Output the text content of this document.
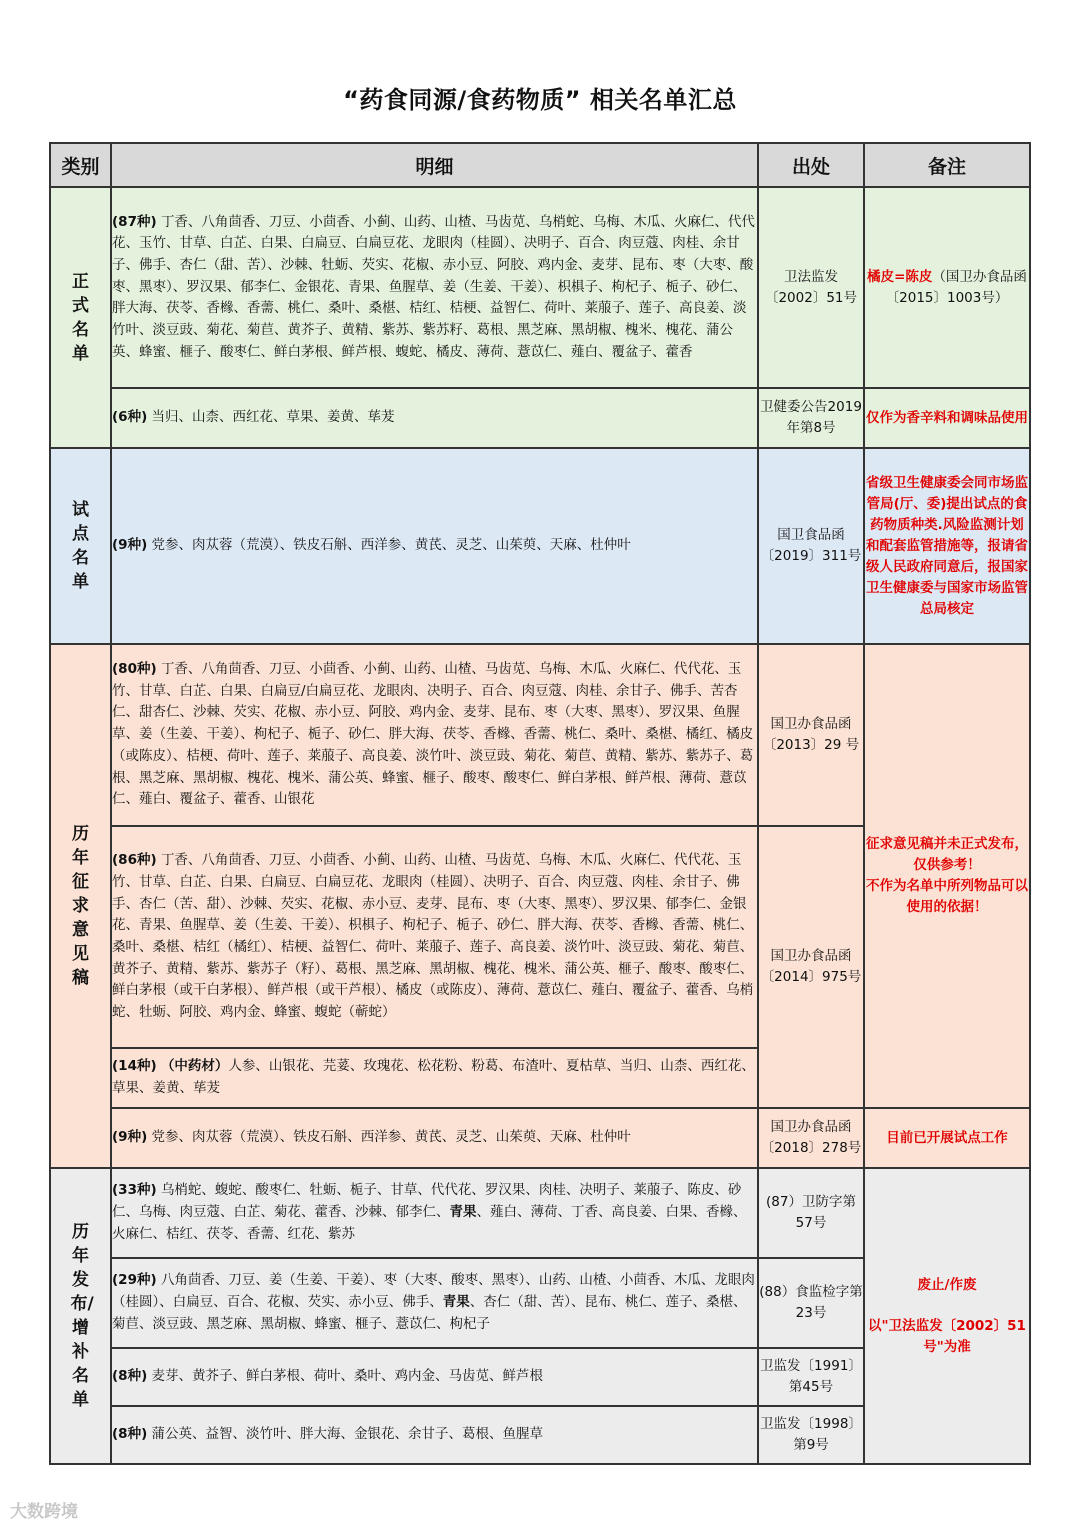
“药食同源/食药物质” 相关名单汇总
类别	明细	出处	备注

正式名单	(87种) 丁香、八角茴香、刀豆、小茴香、小蓟、山药、山楂、马齿苋、乌梢蛇、乌梅、木瓜、火麻仁、代代花、玉竹、甘草、白芷、白果、白扁豆、白扁豆花、龙眼肉（桂圆）、决明子、百合、肉豆蔻、肉桂、余甘子、佛手、杏仁（甜、苦）、沙棘、牡蛎、芡实、花椒、赤小豆、阿胶、鸡内金、麦芽、昆布、枣（大枣、酸枣、黑枣）、罗汉果、郁李仁、金银花、青果、鱼腥草、姜（生姜、干姜）、枳椇子、枸杞子、栀子、砂仁、胖大海、茯苓、香橼、香薷、桃仁、桑叶、桑椹、桔红、桔梗、益智仁、荷叶、莱菔子、莲子、高良姜、淡竹叶、淡豆豉、菊花、菊苣、黄芥子、黄精、紫苏、紫苏籽、葛根、黑芝麻、黑胡椒、槐米、槐花、蒲公英、蜂蜜、榧子、酸枣仁、鲜白茅根、鲜芦根、蝮蛇、橘皮、薄荷、薏苡仁、薤白、覆盆子、藿香	卫法监发〔2002〕51号	橘皮=陈皮（国卫办食品函〔2015〕1003号）
	(6种) 当归、山柰、西红花、草果、姜黄、荜茇	卫健委公告2019年第8号	仅作为香辛料和调味品使用

试点名单	(9种) 党参、肉苁蓉（荒漠）、铁皮石斛、西洋参、黄芪、灵芝、山茱萸、天麻、杜仲叶	国卫食品函〔2019〕311号	省级卫生健康委会同市场监管局(厅、委)提出试点的食药物质种类.风险监测计划和配套监管措施等，报请省级人民政府同意后，报国家卫生健康委与国家市场监管总局核定

历年征求意见稿	(80种) 丁香、八角茴香、刀豆、小茴香、小蓟、山药、山楂、马齿苋、乌梅、木瓜、火麻仁、代代花、玉竹、甘草、白芷、白果、白扁豆/白扁豆花、龙眼肉、决明子、百合、肉豆蔻、肉桂、余甘子、佛手、苦杏仁、甜杏仁、沙棘、芡实、花椒、赤小豆、阿胶、鸡内金、麦芽、昆布、枣（大枣、黑枣）、罗汉果、鱼腥草、姜（生姜、干姜）、枸杞子、栀子、砂仁、胖大海、茯苓、香橼、香薷、桃仁、桑叶、桑椹、橘红、橘皮（或陈皮）、桔梗、荷叶、莲子、莱菔子、高良姜、淡竹叶、淡豆豉、菊花、菊苣、黄精、紫苏、紫苏子、葛根、黑芝麻、黑胡椒、槐花、槐米、蒲公英、蜂蜜、榧子、酸枣、酸枣仁、鲜白茅根、鲜芦根、薄荷、薏苡仁、薤白、覆盆子、藿香、山银花	国卫办食品函〔2013〕29 号	征求意见稿并未正式发布，仅供参考！
不作为名单中所列物品可以使用的依据！

	(86种) 丁香、八角茴香、刀豆、小茴香、小蓟、山药、山楂、马齿苋、乌梅、木瓜、火麻仁、代代花、玉竹、甘草、白芷、白果、白扁豆、白扁豆花、龙眼肉（桂圆）、决明子、百合、肉豆蔻、肉桂、余甘子、佛手、杏仁（苦、甜）、沙棘、芡实、花椒、赤小豆、麦芽、昆布、枣（大枣、黑枣）、罗汉果、郁李仁、金银花、青果、鱼腥草、姜（生姜、干姜）、枳椇子、枸杞子、栀子、砂仁、胖大海、茯苓、香橼、香薷、桃仁、桑叶、桑椹、桔红（橘红）、桔梗、益智仁、荷叶、莱菔子、莲子、高良姜、淡竹叶、淡豆豉、菊花、菊苣、黄芥子、黄精、紫苏、紫苏子（籽）、葛根、黑芝麻、黑胡椒、槐花、槐米、蒲公英、榧子、酸枣、酸枣仁、鲜白茅根（或干白茅根）、鲜芦根（或干芦根）、橘皮（或陈皮）、薄荷、薏苡仁、薤白、覆盆子、藿香、乌梢蛇、牡蛎、阿胶、鸡内金、蜂蜜、蝮蛇（蕲蛇）	国卫办食品函〔2014〕975号	
	(14种) （中药材）人参、山银花、芫荽、玫瑰花、松花粉、粉葛、布渣叶、夏枯草、当归、山柰、西红花、草果、姜黄、荜茇		
	(9种) 党参、肉苁蓉（荒漠）、铁皮石斛、西洋参、黄芪、灵芝、山茱萸、天麻、杜仲叶	国卫办食品函〔2018〕278号	目前已开展试点工作

历年发布/增补名单	(33种) 乌梢蛇、蝮蛇、酸枣仁、牡蛎、栀子、甘草、代代花、罗汉果、肉桂、决明子、莱菔子、陈皮、砂仁、乌梅、肉豆蔻、白芷、菊花、藿香、沙棘、郁李仁、青果、薤白、薄荷、丁香、高良姜、白果、香橼、火麻仁、桔红、茯苓、香薷、红花、紫苏	(87）卫防字第57号	废止/作废
以"卫法监发〔2002〕51号"为准

	(29种) 八角茴香、刀豆、姜（生姜、干姜）、枣（大枣、酸枣、黑枣）、山药、山楂、小茴香、木瓜、龙眼肉（桂圆）、白扁豆、百合、花椒、芡实、赤小豆、佛手、青果、杏仁（甜、苦）、昆布、桃仁、莲子、桑椹、菊苣、淡豆豉、黑芝麻、黑胡椒、蜂蜜、榧子、薏苡仁、枸杞子	(88）食监检字第23号	
	(8种) 麦芽、黄芥子、鲜白茅根、荷叶、桑叶、鸡内金、马齿苋、鲜芦根	卫监发〔1991〕第45号	
	(8种) 蒲公英、益智、淡竹叶、胖大海、金银花、余甘子、葛根、鱼腥草	卫监发〔1998〕第9号	
大数跨境
